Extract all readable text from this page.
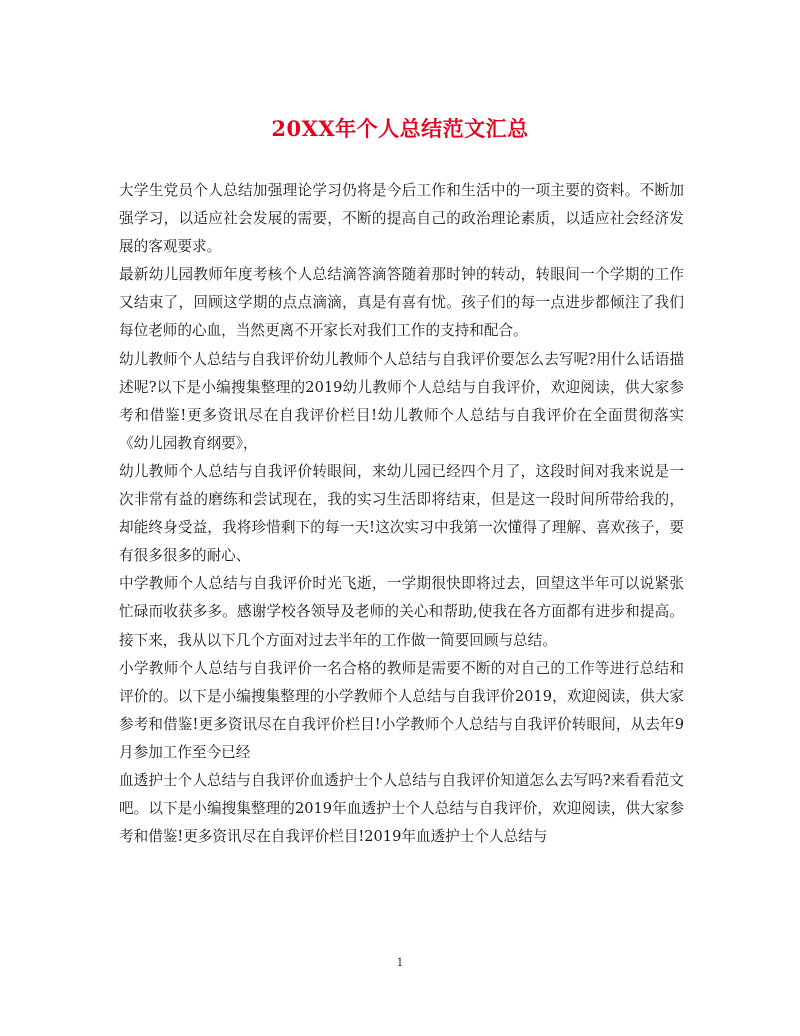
20XX年个人总结范文汇总

大学生党员个人总结加强理论学习仍将是今后工作和生活中的一项主要的资料。不断加强学习，以适应社会发展的需要，不断的提高自己的政治理论素质，以适应社会经济发展的客观要求。

最新幼儿园教师年度考核个人总结滴答滴答随着那时钟的转动，转眼间一个学期的工作又结束了，回顾这学期的点点滴滴，真是有喜有忧。孩子们的每一点进步都倾注了我们每位老师的心血，当然更离不开家长对我们工作的支持和配合。

幼儿教师个人总结与自我评价幼儿教师个人总结与自我评价要怎么去写呢?用什么话语描述呢?以下是小编搜集整理的2019幼儿教师个人总结与自我评价，欢迎阅读，供大家参考和借鉴!更多资讯尽在自我评价栏目!幼儿教师个人总结与自我评价在全面贯彻落实《幼儿园教育纲要》，

幼儿教师个人总结与自我评价转眼间，来幼儿园已经四个月了，这段时间对我来说是一次非常有益的磨练和尝试现在，我的实习生活即将结束，但是这一段时间所带给我的，却能终身受益，我将珍惜剩下的每一天!这次实习中我第一次懂得了理解、喜欢孩子，要有很多很多的耐心、

中学教师个人总结与自我评价时光飞逝，一学期很快即将过去，回望这半年可以说紧张忙碌而收获多多。感谢学校各领导及老师的关心和帮助,使我在各方面都有进步和提高。接下来，我从以下几个方面对过去半年的工作做一简要回顾与总结。

小学教师个人总结与自我评价一名合格的教师是需要不断的对自己的工作等进行总结和评价的。以下是小编搜集整理的小学教师个人总结与自我评价2019，欢迎阅读，供大家参考和借鉴!更多资讯尽在自我评价栏目!小学教师个人总结与自我评价转眼间，从去年9月参加工作至今已经

血透护士个人总结与自我评价血透护士个人总结与自我评价知道怎么去写吗?来看看范文吧。以下是小编搜集整理的2019年血透护士个人总结与自我评价，欢迎阅读，供大家参考和借鉴!更多资讯尽在自我评价栏目!2019年血透护士个人总结与

1
